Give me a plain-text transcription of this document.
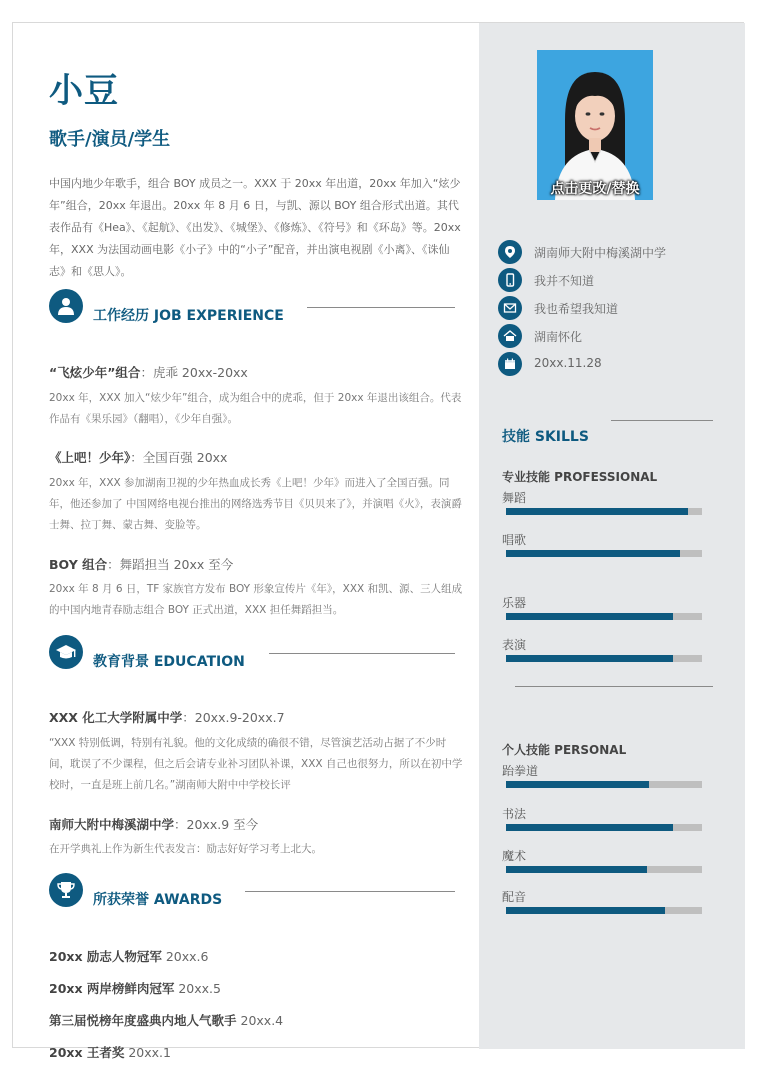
小豆
歌手/演员/学生
中国内地少年歌手，组合 BOY 成员之一。XXX 于 20xx 年出道，20xx 年加入“炫少年”组合，20xx 年退出。20xx 年 8 月 6 日，与凯、源以 BOY 组合形式出道。其代表作品有《Hea》、《起航》、《出发》、《城堡》、《修炼》、《符号》和《环岛》等。20xx 年，XXX 为法国动画电影《小子》中的“小子”配音，并出演电视剧《小离》、《诛仙志》和《思人》。
工作经历 JOB EXPERIENCE
“飞炫少年”组合：虎乖 20xx-20xx
20xx 年，XXX 加入“炫少年”组合，成为组合中的虎乖，但于 20xx 年退出该组合。代表作品有《果乐园》（翻唱），《少年自强》。
《上吧！少年》：全国百强 20xx
20xx 年，XXX 参加湖南卫视的少年热血成长秀《上吧！少年》而进入了全国百强。同年，他还参加了 中国网络电视台推出的网络选秀节目《贝贝来了》，并演唱《火》，表演爵士舞、拉丁舞、蒙古舞、变脸等。
BOY 组合：舞蹈担当 20xx 至今
20xx 年 8 月 6 日，TF 家族官方发布 BOY 形象宣传片《年》，XXX 和凯、源、三人组成的中国内地青春励志组合 BOY 正式出道，XXX 担任舞蹈担当。
教育背景 EDUCATION
XXX 化工大学附属中学：20xx.9-20xx.7
“XXX 特别低调，特别有礼貌。他的文化成绩的确很不错，尽管演艺活动占据了不少时间，耽误了不少课程，但之后会请专业补习团队补课，XXX 自己也很努力，所以在初中学校时，一直是班上前几名。”湖南师大附中中学校长评
南师大附中梅溪湖中学：20xx.9 至今
在开学典礼上作为新生代表发言：励志好好学习考上北大。
所获荣誉 AWARDS
20xx 励志人物冠军 20xx.6
20xx 两岸榜鲜肉冠军 20xx.5
第三届悦榜年度盛典内地人气歌手 20xx.4
20xx 王者奖 20xx.1
点击更改/替换
湖南师大附中梅溪湖中学
我并不知道
我也希望我知道
湖南怀化
20xx.11.28
技能 SKILLS
专业技能 PROFESSIONAL
舞蹈
唱歌
乐器
表演
个人技能 PERSONAL
跆拳道
书法
魔术
配音
